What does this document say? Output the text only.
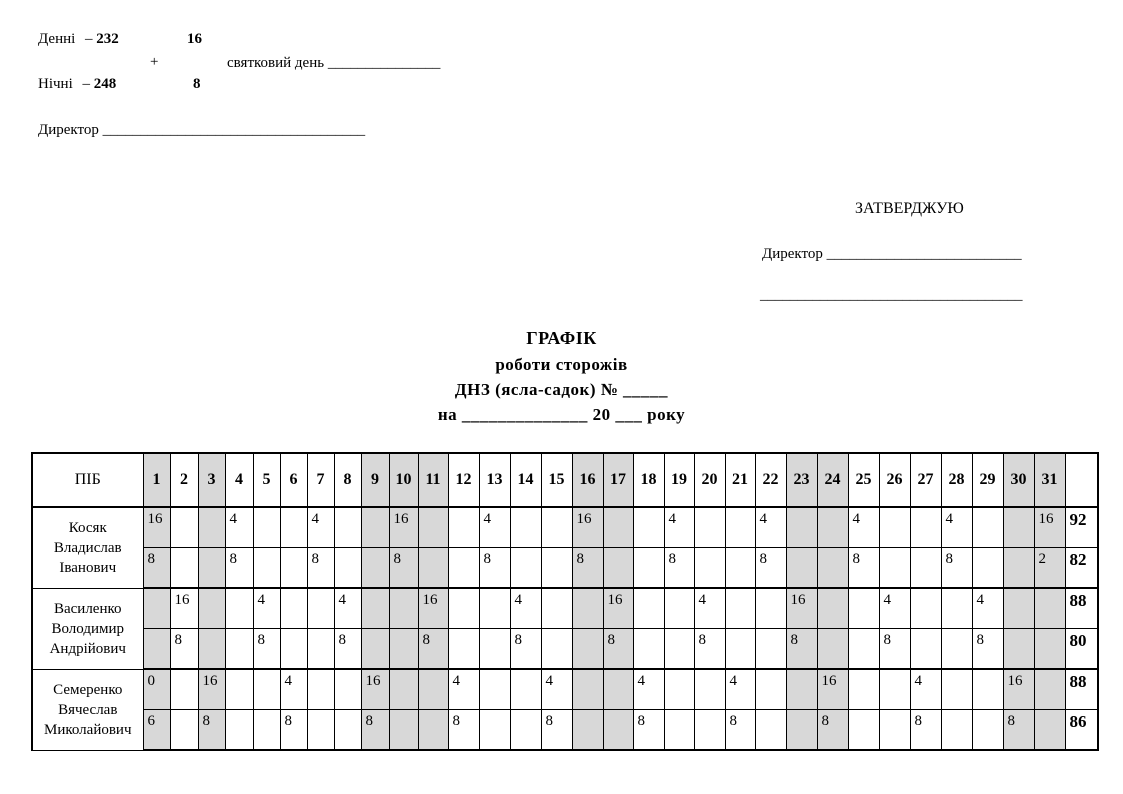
Денні – 232	16
+	святковий день _______________
Нічні – 248	8
Директор ___________________________________
ЗАТВЕРДЖУЮ
Директор __________________________
___________________________________
ГРАФІК
роботи сторожів
ДНЗ (ясла-садок) № _____
на ______________ 20 ___ року
ПІБ	1	2	3	4	5	6	7	8	9	10	11	12	13	14	15	16	17	18	19	20	21	22	23	24	25	26	27	28	29	30	31	

Косяк
Владислав
Іванович	16			4			4			16			4			16			4			4			4			4			16	92
	8			8			8			8			8			8			8			8			8			8			2	82

Василенко
Володимир
Андрійович		16			4			4			16			4			16			4			16			4			4			88
		8			8			8			8			8			8			8			8			8			8			80

Семеренко
Вячеслав
Миколайович	0		16			4			16			4			4			4			4			16			4			16		88
	6		8			8			8			8			8			8			8			8			8			8		86
